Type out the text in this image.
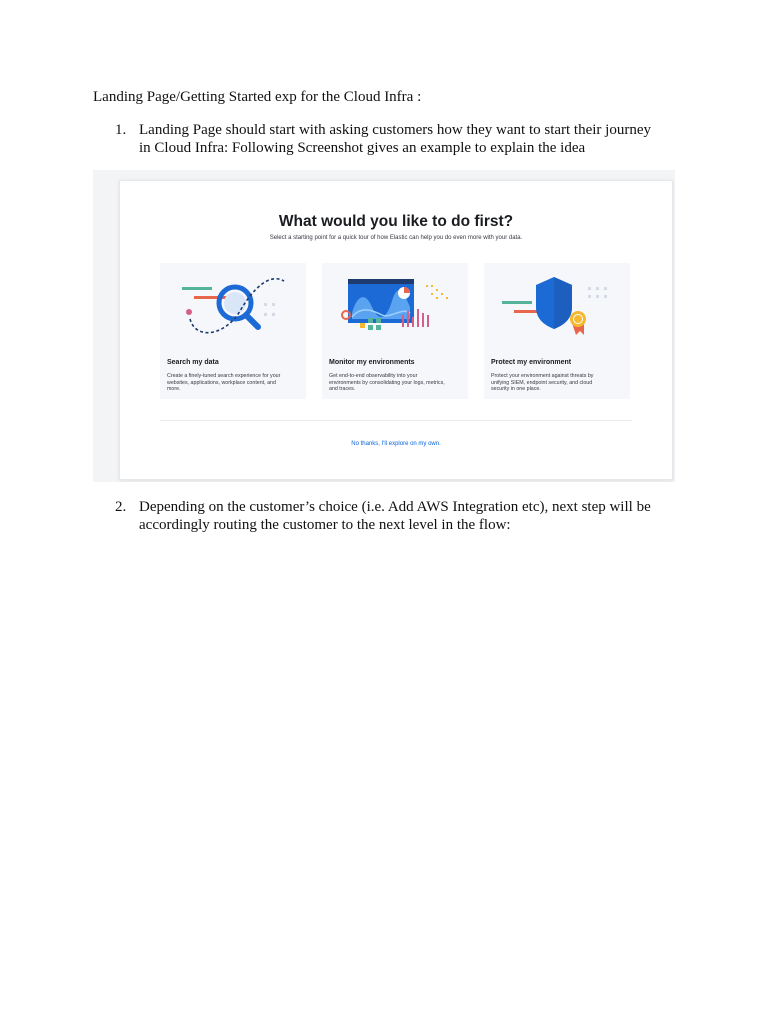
Landing Page/Getting Started exp for the Cloud Infra :
1. Landing Page should start with asking customers how they want to start their journey
in Cloud Infra: Following Screenshot gives an example to explain the idea
What would you like to do first?
Select a starting point for a quick tour of how Elastic can help you do even more with your data.
Search my data
Create a finely-tuned search experience for your
websites, applications, workplace content, and
more.
Monitor my environments
Get end-to-end observability into your
environments by consolidating your logs, metrics,
and traces.
Protect my environment
Protect your environment against threats by
unifying SIEM, endpoint security, and cloud
security in one place.
No thanks, I'll explore on my own.
2. Depending on the customer’s choice (i.e. Add AWS Integration etc), next step will be
accordingly routing the customer to the next level in the flow:
